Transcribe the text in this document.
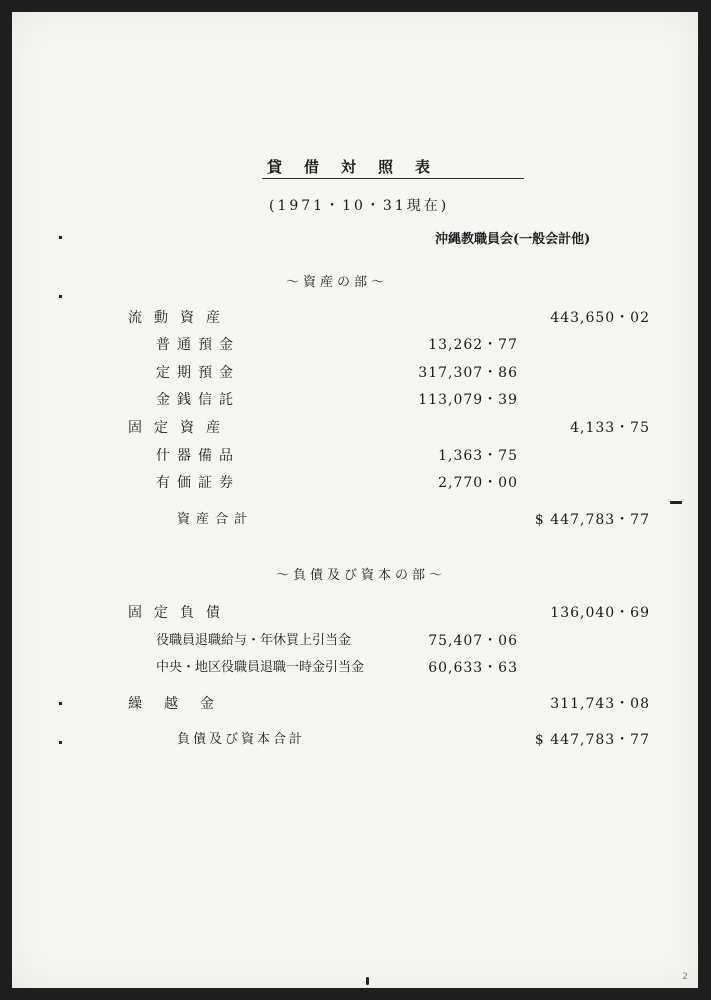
貸借対照表
(1971・10・31現在)
沖縄教職員会(一般会計他)
〜資産の部〜
流動資産	443,650・02
普通預金	13,262・77
定期預金	317,307・86
金銭信託	113,079・39
固定資産	4,133・75
什器備品	1,363・75
有価証券	2,770・00
資産合計	$ 447,783・77
〜負債及び資本の部〜
固定負債	136,040・69
役職員退職給与・年休買上引当金	75,407・06
中央・地区役職員退職一時金引当金	60,633・63
繰越金	311,743・08
負債及び資本合計	$ 447,783・77
2
